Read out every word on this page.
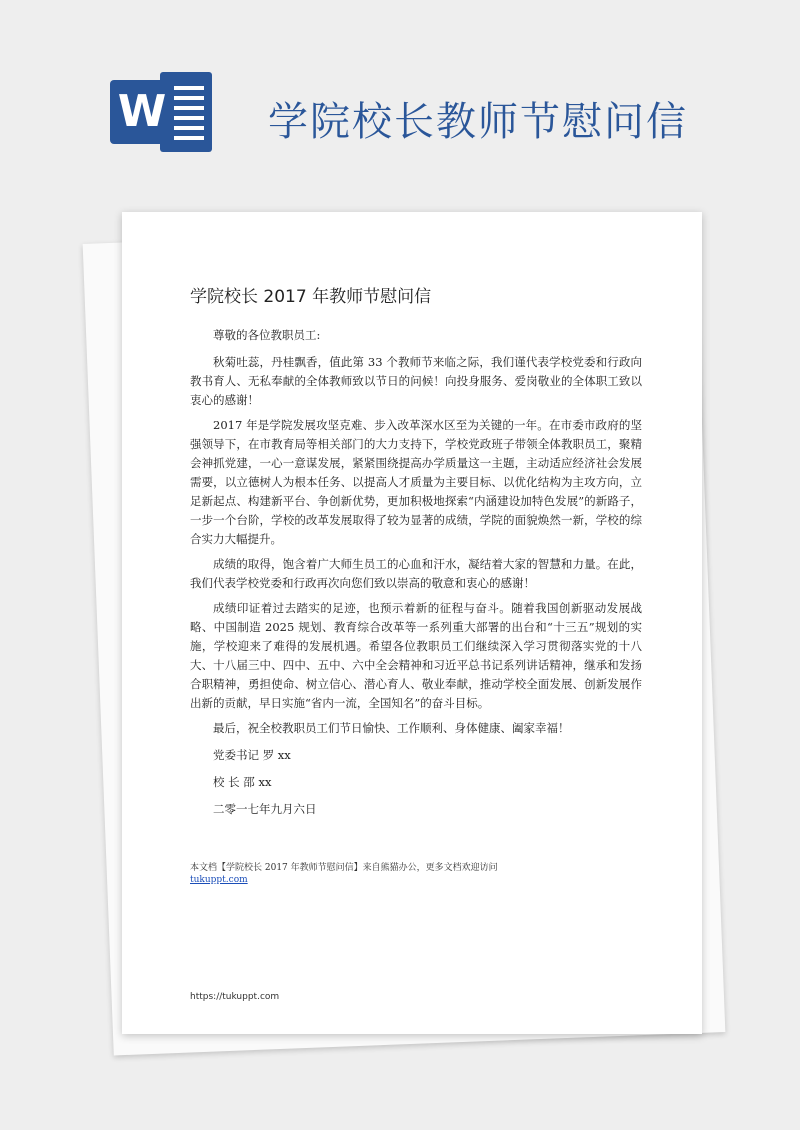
W	学院校长教师节慰问信
学院校长 2017 年教师节慰问信

尊敬的各位教职员工:

秋菊吐蕊，丹桂飘香，值此第 33 个教师节来临之际，我们谨代表学校党委和行政向教书育人、无私奉献的全体教师致以节日的问候！向投身服务、爱岗敬业的全体职工致以衷心的感谢！

2017 年是学院发展攻坚克难、步入改革深水区至为关键的一年。在市委市政府的坚强领导下，在市教育局等相关部门的大力支持下，学校党政班子带领全体教职员工，聚精会神抓党建，一心一意谋发展，紧紧围绕提高办学质量这一主题，主动适应经济社会发展需要，以立德树人为根本任务、以提高人才质量为主要目标、以优化结构为主攻方向，立足新起点、构建新平台、争创新优势，更加积极地探索“内涵建设加特色发展”的新路子，一步一个台阶，学校的改革发展取得了较为显著的成绩，学院的面貌焕然一新，学校的综合实力大幅提升。

成绩的取得，饱含着广大师生员工的心血和汗水，凝结着大家的智慧和力量。在此，我们代表学校党委和行政再次向您们致以崇高的敬意和衷心的感谢！

成绩印证着过去踏实的足迹，也预示着新的征程与奋斗。随着我国创新驱动发展战略、中国制造 2025 规划、教育综合改革等一系列重大部署的出台和“十三五”规划的实施，学校迎来了难得的发展机遇。希望各位教职员工们继续深入学习贯彻落实党的十八大、十八届三中、四中、五中、六中全会精神和习近平总书记系列讲话精神，继承和发扬合职精神，勇担使命、树立信心、潜心育人、敬业奉献，推动学校全面发展、创新发展作出新的贡献，早日实施“省内一流，全国知名”的奋斗目标。

最后，祝全校教职员工们节日愉快、工作顺利、身体健康、阖家幸福！

党委书记 罗 xx

校 长 邵 xx

二零一七年九月六日

本文档【学院校长 2017 年教师节慰问信】来自熊猫办公，更多文档欢迎访问
tukuppt.com
https://tukuppt.com
